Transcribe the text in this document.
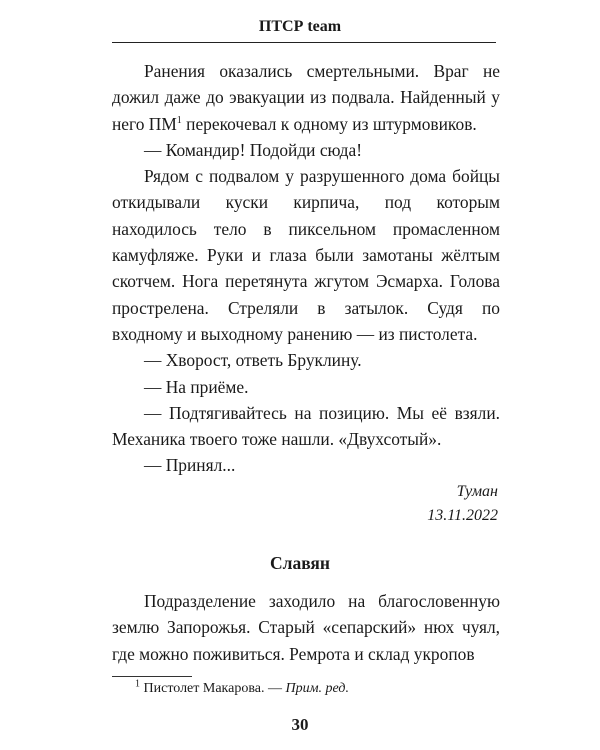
ПТСР team

Ранения оказались смертельными. Враг не дожил даже до эвакуации из подвала. Найденный у него $ПМ^1$ перекочевал к одному из штурмовиков.

— Командир! Подойди сюда!

Рядом с подвалом у разрушенного дома бойцы откидывали куски кирпича, под которым находилось тело в пиксельном промасленном камуфляже. Руки и глаза были замотаны жёлтым скотчем. Нога перетянута жгутом Эсмарха. Голова прострелена. Стреляли в затылок. Судя по входному и выходному ранению — из пистолета.

— Хворост, ответь Бруклину.

— На приёме.

— Подтягивайтесь на позицию. Мы её взяли. Механика твоего тоже нашли. «Двухсотый».

— Принял...

Туман
13.11.2022
Славян

Подразделение заходило на благословенную землю Запорожья. Старый «сепарский» нюх чуял, где можно поживиться. Ремрота и склад укропов

$^1$ Пистолет Макарова. — Прим. ред.
30
